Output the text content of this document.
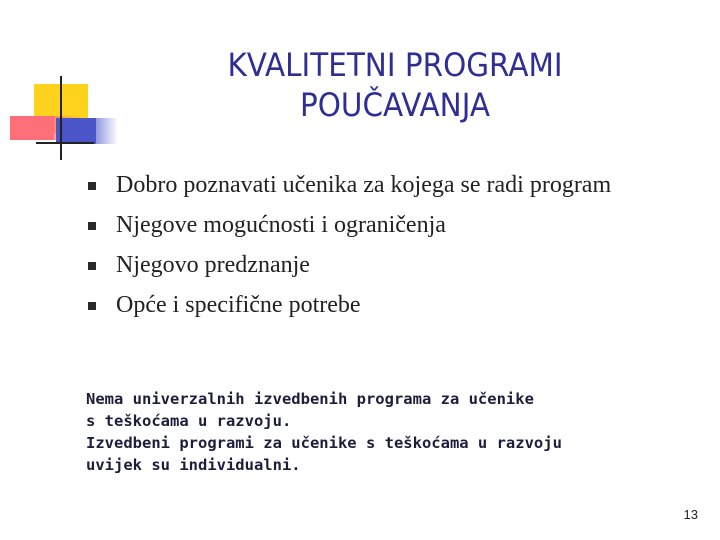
KVALITETNI PROGRAMI
POUČAVANJA
Dobro poznavati učenika za kojega se radi program
Njegove mogućnosti i ograničenja
Njegovo predznanje
Opće i specifične potrebe
Nema univerzalnih izvedbenih programa za učenike
s teškoćama u razvoju.
Izvedbeni programi za učenike s teškoćama u razvoju
uvijek su individualni.
13
